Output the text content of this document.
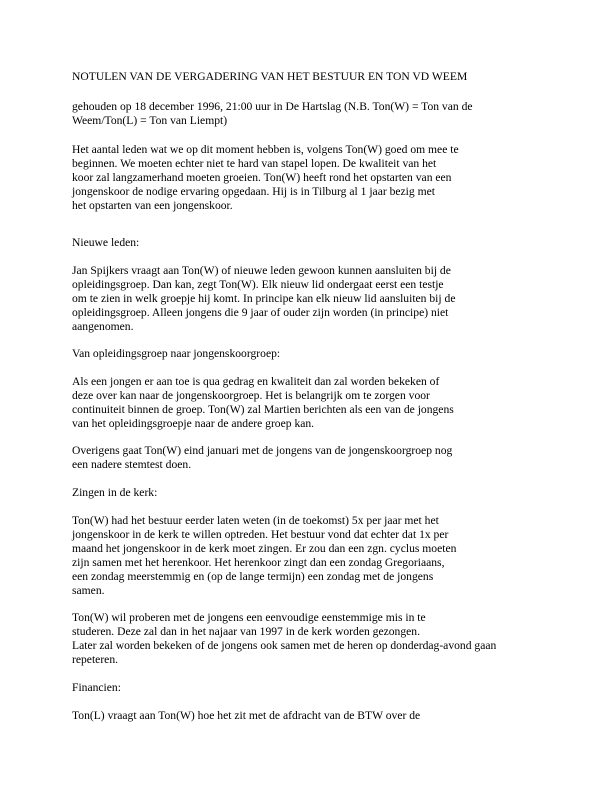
NOTULEN VAN DE VERGADERING VAN HET BESTUUR EN TON VD WEEM
gehouden op 18 december 1996, 21:00 uur in De Hartslag (N.B. Ton(W) = Ton van de
Weem/Ton(L) = Ton van Liempt)
Het aantal leden wat we op dit moment hebben is, volgens Ton(W) goed om mee te
beginnen. We moeten echter niet te hard van stapel lopen. De kwaliteit van het
koor zal langzamerhand moeten groeien. Ton(W) heeft rond het opstarten van een
jongenskoor de nodige ervaring opgedaan. Hij is in Tilburg al 1 jaar bezig met
het opstarten van een jongenskoor.
Nieuwe leden:
Jan Spijkers vraagt aan Ton(W) of nieuwe leden gewoon kunnen aansluiten bij de
opleidingsgroep. Dan kan, zegt Ton(W). Elk nieuw lid ondergaat eerst een testje
om te zien in welk groepje hij komt. In principe kan elk nieuw lid aansluiten bij de
opleidingsgroep. Alleen jongens die 9 jaar of ouder zijn worden (in principe) niet
aangenomen.
Van opleidingsgroep naar jongenskoorgroep:
Als een jongen er aan toe is qua gedrag en kwaliteit dan zal worden bekeken of
deze over kan naar de jongenskoorgroep. Het is belangrijk om te zorgen voor
continuiteit binnen de groep. Ton(W) zal Martien berichten als een van de jongens
van het opleidingsgroepje naar de andere groep kan.
Overigens gaat Ton(W) eind januari met de jongens van de jongenskoorgroep nog
een nadere stemtest doen.
Zingen in de kerk:
Ton(W) had het bestuur eerder laten weten (in de toekomst) 5x per jaar met het
jongenskoor in de kerk te willen optreden. Het bestuur vond dat echter dat 1x per
maand het jongenskoor in de kerk moet zingen. Er zou dan een zgn. cyclus moeten
zijn samen met het herenkoor. Het herenkoor zingt dan een zondag Gregoriaans,
een zondag meerstemmig en (op de lange termijn) een zondag met de jongens
samen.
Ton(W) wil proberen met de jongens een eenvoudige eenstemmige mis in te
studeren. Deze zal dan in het najaar van 1997 in de kerk worden gezongen.
Later zal worden bekeken of de jongens ook samen met de heren op donderdag-avond gaan
repeteren.
Financien:
Ton(L) vraagt aan Ton(W) hoe het zit met de afdracht van de BTW over de
